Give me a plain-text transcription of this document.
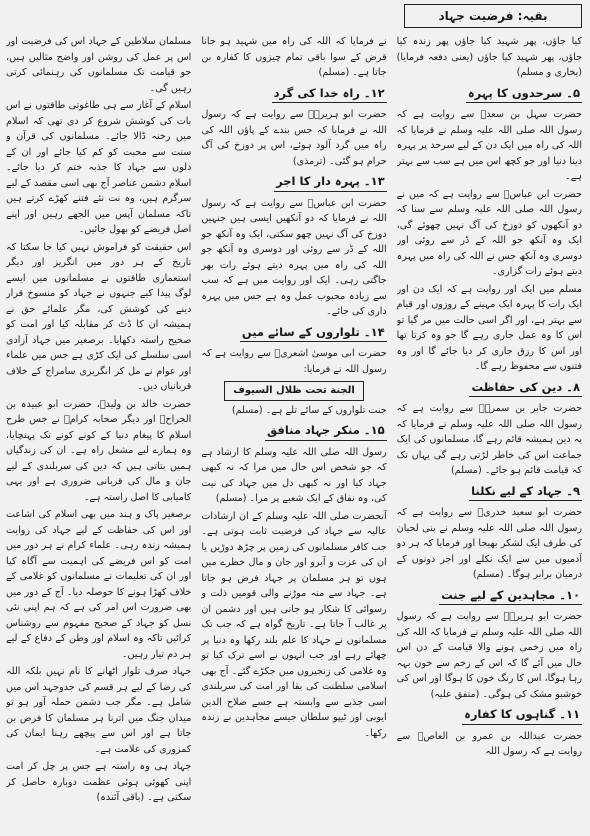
بقیہ: فرضیت جہاد

کیا جاؤں، پھر شہید کیا جاؤں پھر زندہ کیا جاؤں، پھر شہید کیا جاؤں (یعنی دفعہ فرمایا) (بخاری و مسلم)

۵۔ سرحدوں کا پہرہ

حضرت سہل بن سعدؓ سے روایت ہے کہ رسول اللہ صلی اللہ علیہ وسلم نے فرمایا کہ اللہ کی راہ میں ایک دن کے لیے سرحد پر پہرہ دینا دنیا اور جو کچھ اس میں ہے سب سے بہتر ہے۔

حضرت ابن عباسؓ سے روایت ہے کہ میں نے رسول اللہ صلی اللہ علیہ وسلم سے سنا کہ دو آنکھوں کو دوزخ کی آگ نہیں چھوئے گی، ایک وہ آنکھ جو اللہ کے ڈر سے روئی اور دوسری وہ آنکھ جس نے اللہ کی راہ میں پہرہ دیتے ہوئے رات گزاری۔

مسلم میں ایک اور روایت ہے کہ ایک دن اور ایک رات کا پہرہ ایک مہینے کے روزوں اور قیام سے بہتر ہے، اور اگر اسی حالت میں مر گیا تو اس کا وہ عمل جاری رہے گا جو وہ کرتا تھا اور اس کا رزق جاری کر دیا جائے گا اور وہ فتنوں سے محفوظ رہے گا۔

۸۔ دین کی حفاظت

حضرت جابر بن سمرہؓ سے روایت ہے کہ رسول اللہ صلی اللہ علیہ وسلم نے فرمایا کہ یہ دین ہمیشہ قائم رہے گا، مسلمانوں کی ایک جماعت اس کی خاطر لڑتی رہے گی یہاں تک کہ قیامت قائم ہو جائے۔ (مسلم)

۹۔ جہاد کے لیے نکلنا

حضرت ابو سعید خدریؓ سے روایت ہے کہ رسول اللہ صلی اللہ علیہ وسلم نے بنی لحیان کی طرف ایک لشکر بھیجا اور فرمایا کہ ہر دو آدمیوں میں سے ایک نکلے اور اجر دونوں کے درمیان برابر ہوگا۔ (مسلم)

۱۰۔ مجاہدین کے لیے جنت

حضرت ابو ہریرہؓ سے روایت ہے کہ رسول اللہ صلی اللہ علیہ وسلم نے فرمایا کہ اللہ کی راہ میں زخمی ہونے والا قیامت کے دن اس حال میں آئے گا کہ اس کے زخم سے خون بہہ رہا ہوگا، اس کا رنگ خون کا ہوگا اور اس کی خوشبو مشک کی ہوگی۔ (متفق علیہ)

۱۱۔ گناہوں کا کفارہ

حضرت عبداللہ بن عمرو بن العاصؓ سے روایت ہے کہ رسول اللہ

نے فرمایا کہ اللہ کی راہ میں شہید ہو جانا قرض کے سوا باقی تمام چیزوں کا کفارہ بن جاتا ہے۔ (مسلم)

۱۲۔ راہ خدا کی گرد

حضرت ابو ہریرہؓ سے روایت ہے کہ رسول اللہ نے فرمایا کہ جس بندے کے پاؤں اللہ کی راہ میں گرد آلود ہوئے، اس پر دوزخ کی آگ حرام ہو گئی۔ (ترمذی)

۱۳۔ پہرہ دار کا اجر

حضرت ابن عباسؓ سے روایت ہے کہ رسول اللہ نے فرمایا کہ دو آنکھیں ایسی ہیں جنہیں دوزخ کی آگ نہیں چھو سکتی، ایک وہ آنکھ جو اللہ کے ڈر سے روئی اور دوسری وہ آنکھ جو اللہ کی راہ میں پہرہ دیتے ہوئے رات بھر جاگتی رہی۔ ایک اور روایت میں ہے کہ سب سے زیادہ محبوب عمل وہ ہے جس میں پہرہ داری کی جائے۔

۱۴۔ تلواروں کے سائے میں

حضرت ابی موسیٰ اشعریؓ سے روایت ہے کہ رسول اللہ نے فرمایا:

الجنة تحت ظلال السيوف

جنت تلواروں کے سائے تلے ہے۔ (مسلم)

۱۵۔ منکر جہاد منافق

رسول اللہ صلی اللہ علیہ وسلم کا ارشاد ہے کہ جو شخص اس حال میں مرا کہ نہ کبھی جہاد کیا اور نہ کبھی دل میں جہاد کی نیت کی، وہ نفاق کے ایک شعبے پر مرا۔ (مسلم)

آنحضرت صلی اللہ علیہ وسلم کے ان ارشادات عالیہ سے جہاد کی فرضیت ثابت ہوتی ہے۔ جب کافر مسلمانوں کی زمین پر چڑھ دوڑیں یا ان کی عزت و آبرو اور جان و مال خطرے میں ہوں تو ہر مسلمان پر جہاد فرض ہو جاتا ہے۔ جہاد سے منہ موڑنے والی قومیں ذلت و رسوائی کا شکار ہو جاتی ہیں اور دشمن ان پر غالب آ جاتا ہے۔ تاریخ گواہ ہے کہ جب تک مسلمانوں نے جہاد کا علم بلند رکھا وہ دنیا پر چھائے رہے اور جب انہوں نے اسے ترک کیا تو وہ غلامی کی زنجیروں میں جکڑے گئے۔ آج بھی اسلامی سلطنت کی بقا اور امت کی سربلندی اسی جذبے سے وابستہ ہے جسے صلاح الدین ایوبی اور ٹیپو سلطان جیسے مجاہدین نے زندہ رکھا۔

مسلمان سلاطین کے جہاد اس کی فرضیت اور اس پر عمل کی روشن اور واضح مثالیں ہیں، جو قیامت تک مسلمانوں کی رہنمائی کرتی رہیں گی۔

اسلام کے آغاز سے ہی طاغوتی طاقتوں نے اس بات کی کوشش شروع کر دی تھی کہ اسلام میں رخنہ ڈالا جائے۔ مسلمانوں کی قرآن و سنت سے محبت کو کم کیا جائے اور ان کے دلوں سے جہاد کا جذبہ ختم کر دیا جائے۔ اسلام دشمن عناصر آج بھی اسی مقصد کے لیے سرگرم ہیں، وہ نت نئے فتنے کھڑے کرتے ہیں تاکہ مسلمان آپس میں الجھے رہیں اور اپنے اصل فریضے کو بھول جائیں۔

اس حقیقت کو فراموش نہیں کیا جا سکتا کہ تاریخ کے ہر دور میں انگریز اور دیگر استعماری طاقتوں نے مسلمانوں میں ایسے لوگ پیدا کیے جنہوں نے جہاد کو منسوخ قرار دینے کی کوشش کی، مگر علمائے حق نے ہمیشہ ان کا ڈٹ کر مقابلہ کیا اور امت کو صحیح راستہ دکھایا۔ برصغیر میں جہاد آزادی اسی سلسلے کی ایک کڑی ہے جس میں علماء اور عوام نے مل کر انگریزی سامراج کے خلاف قربانیاں دیں۔

حضرت خالد بن ولیدؓ، حضرت ابو عبیدہ بن الجراحؓ اور دیگر صحابہ کرامؓ نے جس طرح اسلام کا پیغام دنیا کے کونے کونے تک پہنچایا، وہ ہمارے لیے مشعل راہ ہے۔ ان کی زندگیاں ہمیں بتاتی ہیں کہ دین کی سربلندی کے لیے جان و مال کی قربانی ضروری ہے اور یہی کامیابی کا اصل راستہ ہے۔

برصغیر پاک و ہند میں بھی اسلام کی اشاعت اور اس کی حفاظت کے لیے جہاد کی روایت ہمیشہ زندہ رہی۔ علماء کرام نے ہر دور میں امت کو اس فریضے کی اہمیت سے آگاہ کیا اور ان کی تعلیمات نے مسلمانوں کو غلامی کے خلاف کھڑا ہونے کا حوصلہ دیا۔ آج کے دور میں بھی ضرورت اس امر کی ہے کہ ہم اپنی نئی نسل کو جہاد کے صحیح مفہوم سے روشناس کرائیں تاکہ وہ اسلام اور وطن کے دفاع کے لیے ہر دم تیار رہیں۔

جہاد صرف تلوار اٹھانے کا نام نہیں بلکہ اللہ کی رضا کے لیے ہر قسم کی جدوجہد اس میں شامل ہے۔ مگر جب دشمن حملہ آور ہو تو میدان جنگ میں اترنا ہر مسلمان کا فرض بن جاتا ہے اور اس سے پیچھے رہنا ایمان کی کمزوری کی علامت ہے۔

جہاد ہی وہ راستہ ہے جس پر چل کر امت اپنی کھوئی ہوئی عظمت دوبارہ حاصل کر سکتی ہے۔ (باقی آئندہ)
